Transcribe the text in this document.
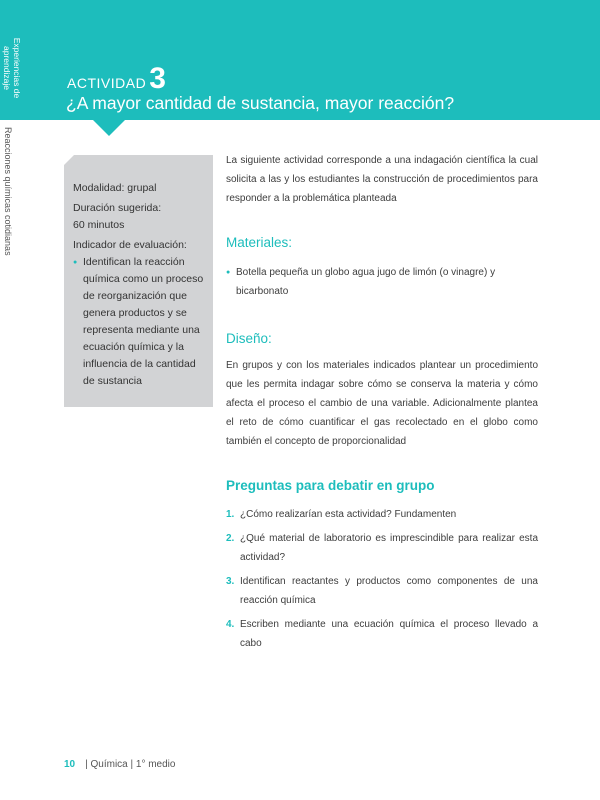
Experiencias de aprendizaje
Reacciones químicas cotidianas
ACTIVIDAD 3
¿A mayor cantidad de sustancia, mayor reacción?
Modalidad: grupal
Duración sugerida:
60 minutos
Indicador de evaluación:
● Identifican la reacción química como un proceso de reorganización que genera productos y se representa mediante una ecuación química y la influencia de la cantidad de sustancia

La siguiente actividad corresponde a una indagación científica la cual solicita a las y los estudiantes la construcción de procedimientos para responder a la problemática planteada

Materiales:

● Botella pequeña un globo agua jugo de limón (o vinagre) y bicarbonato

Diseño:

En grupos y con los materiales indicados plantear un procedimiento que les permita indagar sobre cómo se conserva la materia y cómo afecta el proceso el cambio de una variable. Adicionalmente plantea el reto de cómo cuantificar el gas recolectado en el globo como también el concepto de proporcionalidad

Preguntas para debatir en grupo

1. ¿Cómo realizarían esta actividad? Fundamenten
2. ¿Qué material de laboratorio es imprescindible para realizar esta actividad?
3. Identifican reactantes y productos como componentes de una reacción química
4. Escriben mediante una ecuación química el proceso llevado a cabo
10 | Química | 1° medio
